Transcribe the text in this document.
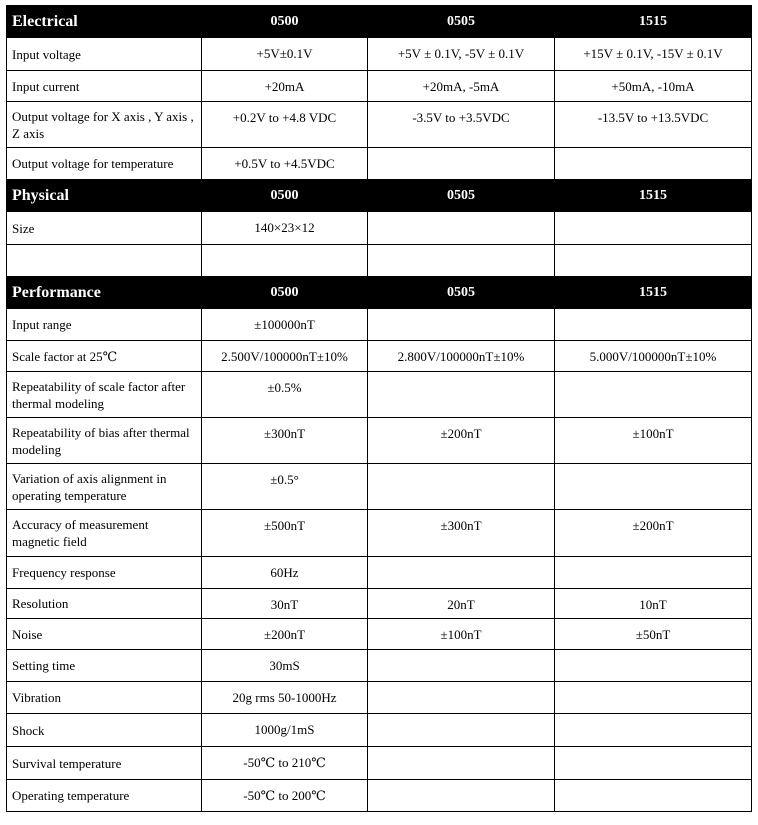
Electrical	0500	0505	1515
Input voltage	+5V±0.1V	+5V ± 0.1V, -5V ± 0.1V	+15V ± 0.1V, -15V ± 0.1V
Input current	+20mA	+20mA, -5mA	+50mA, -10mA
Output voltage for X axis , Y axis , Z axis	+0.2V to +4.8 VDC	-3.5V to +3.5VDC	-13.5V to +13.5VDC
Output voltage for temperature	+0.5V to +4.5VDC		
Physical	0500	0505	1515
Size	140×23×12		

Performance	0500	0505	1515
Input range	±100000nT		
Scale factor at 25℃	2.500V/100000nT±10%	2.800V/100000nT±10%	5.000V/100000nT±10%
Repeatability of scale factor after thermal modeling	±0.5%		
Repeatability of bias after thermal modeling	±300nT	±200nT	±100nT
Variation of axis alignment in operating temperature	±0.5°		
Accuracy of measurement magnetic field	±500nT	±300nT	±200nT
Frequency response	60Hz		
Resolution	30nT	20nT	10nT
Noise	±200nT	±100nT	±50nT
Setting time	30mS		
Vibration	20g rms 50-1000Hz		
Shock	1000g/1mS		
Survival temperature	-50℃ to 210℃		
Operating temperature	-50℃ to 200℃		
